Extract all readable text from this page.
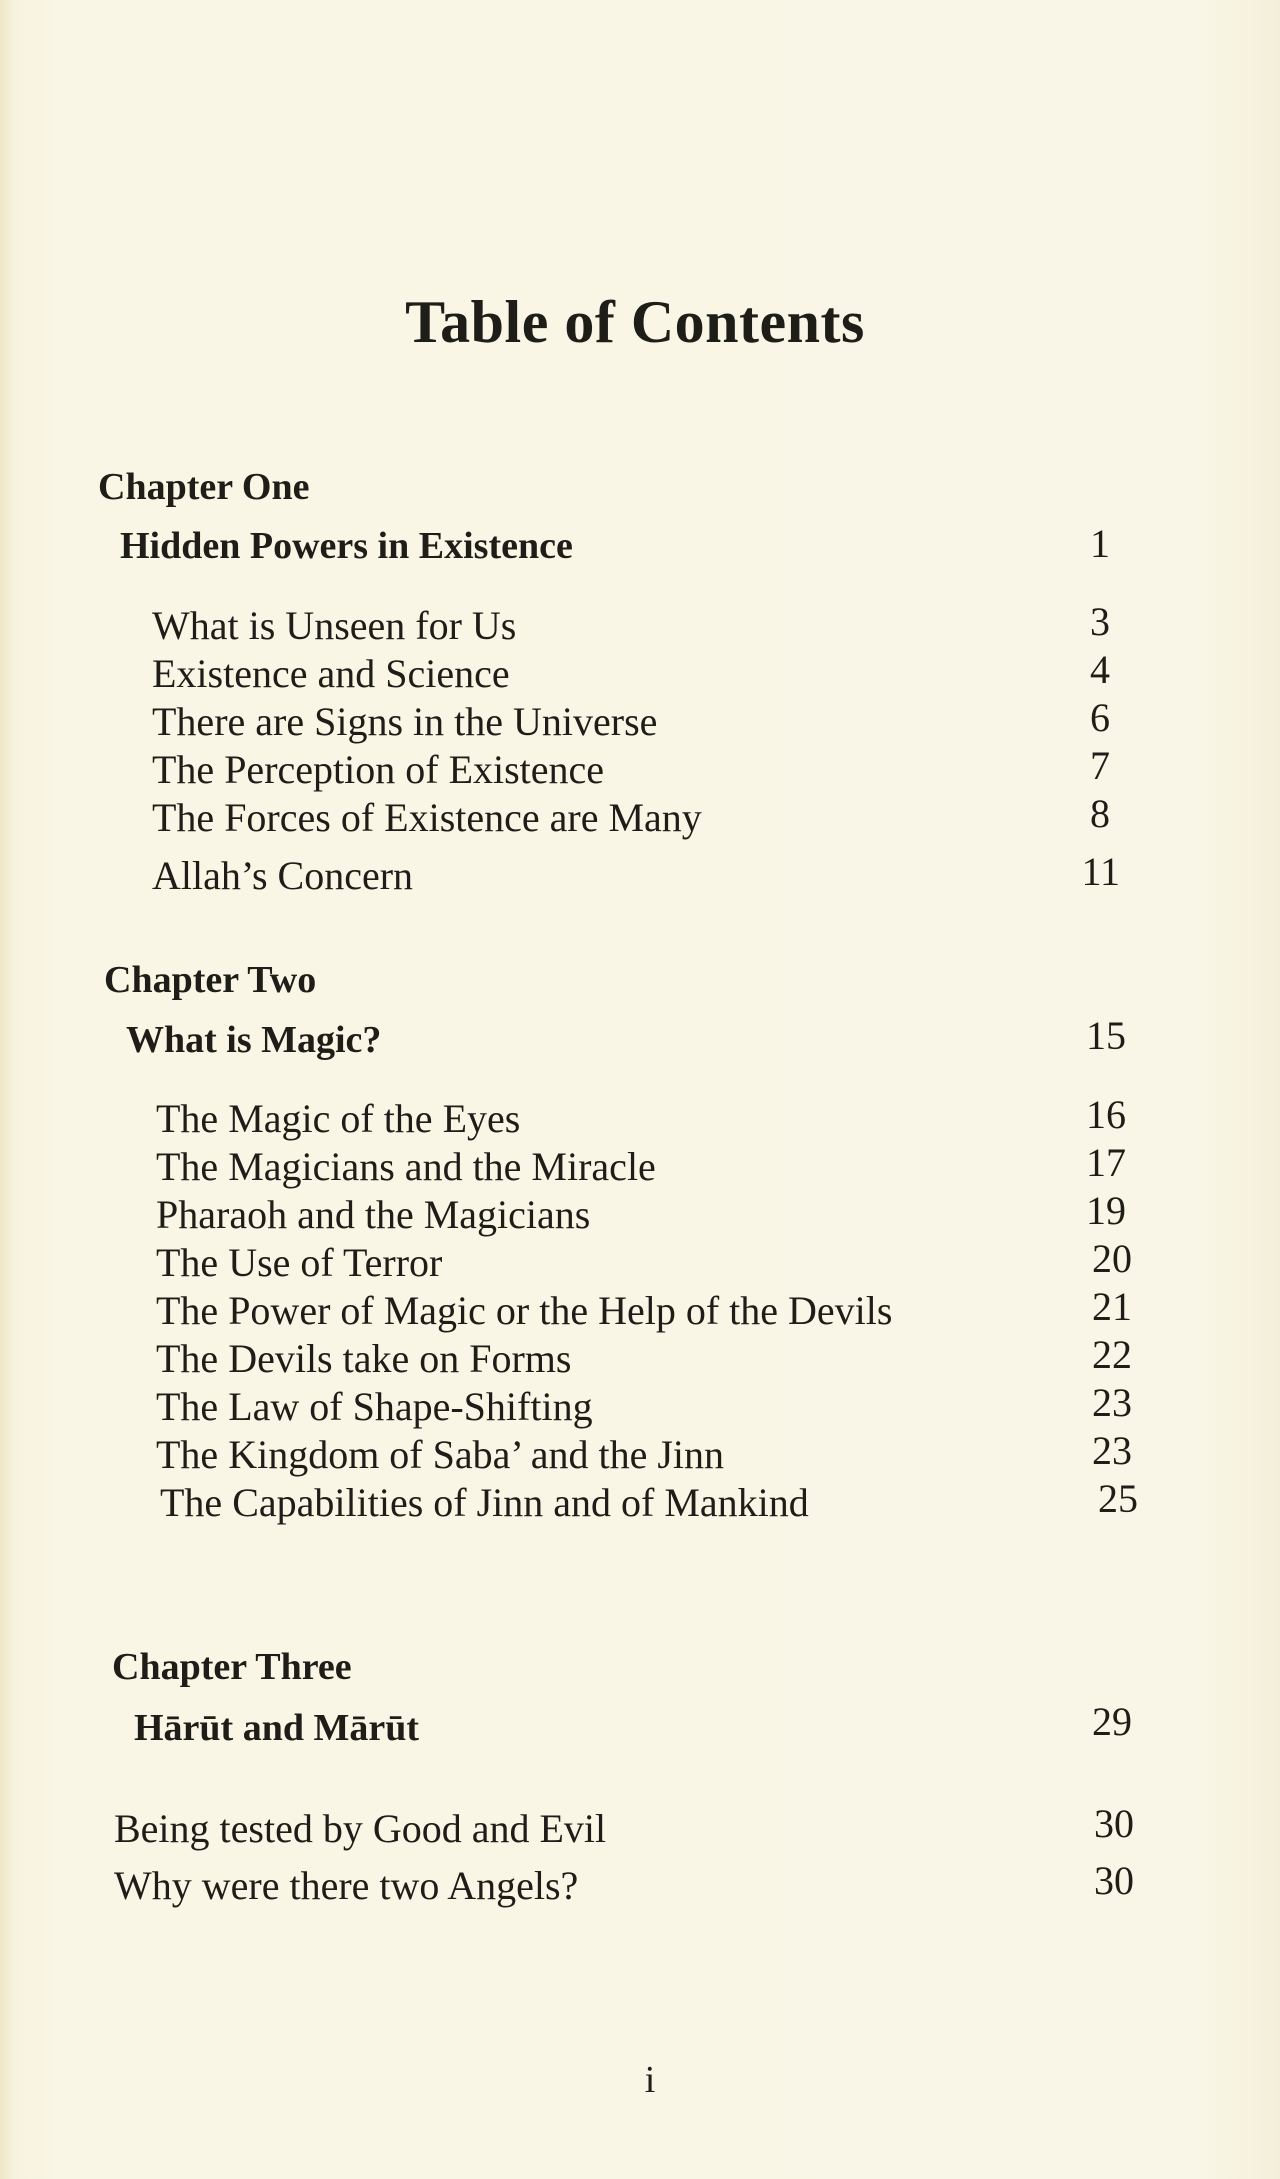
Table of Contents
Chapter One
Hidden Powers in Existence	1
What is Unseen for Us	3
Existence and Science	4
There are Signs in the Universe	6
The Perception of Existence	7
The Forces of Existence are Many	8
Allah’s Concern	11
Chapter Two
What is Magic?	15
The Magic of the Eyes	16
The Magicians and the Miracle	17
Pharaoh and the Magicians	19
The Use of Terror	20
The Power of Magic or the Help of the Devils	21
The Devils take on Forms	22
The Law of Shape-Shifting	23
The Kingdom of Saba’ and the Jinn	23
The Capabilities of Jinn and of Mankind	25
Chapter Three
Hārūt and Mārūt	29
Being tested by Good and Evil	30
Why were there two Angels?	30
i
